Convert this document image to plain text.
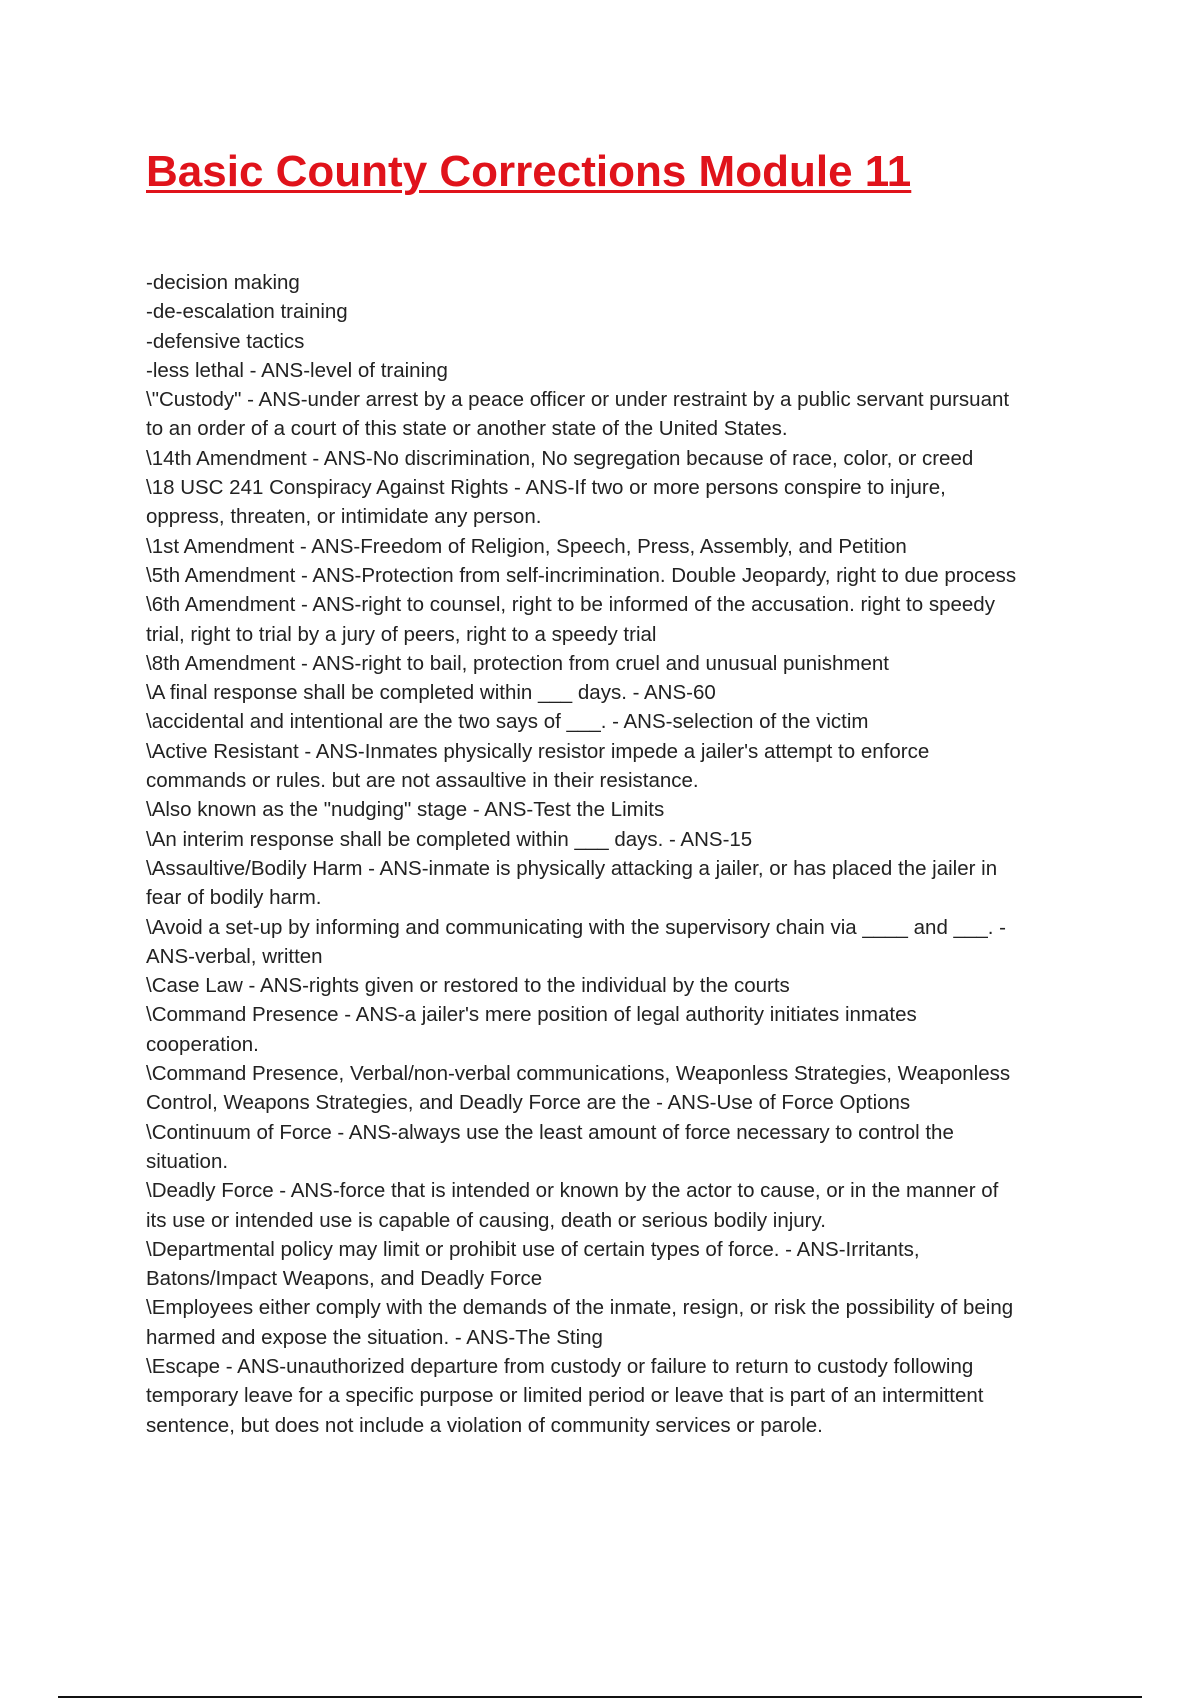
Basic County Corrections Module 11
-decision making
-de-escalation training
-defensive tactics
-less lethal - ANS-level of training
\"Custody" - ANS-under arrest by a peace officer or under restraint by a public servant pursuant
to an order of a court of this state or another state of the United States.
\14th Amendment - ANS-No discrimination, No segregation because of race, color, or creed
\18 USC 241 Conspiracy Against Rights - ANS-If two or more persons conspire to injure,
oppress, threaten, or intimidate any person.
\1st Amendment - ANS-Freedom of Religion, Speech, Press, Assembly, and Petition
\5th Amendment - ANS-Protection from self-incrimination. Double Jeopardy, right to due process
\6th Amendment - ANS-right to counsel, right to be informed of the accusation. right to speedy
trial, right to trial by a jury of peers, right to a speedy trial
\8th Amendment - ANS-right to bail, protection from cruel and unusual punishment
\A final response shall be completed within ___ days. - ANS-60
\accidental and intentional are the two says of ___. - ANS-selection of the victim
\Active Resistant - ANS-Inmates physically resistor impede a jailer's attempt to enforce
commands or rules. but are not assaultive in their resistance.
\Also known as the "nudging" stage - ANS-Test the Limits
\An interim response shall be completed within ___ days. - ANS-15
\Assaultive/Bodily Harm - ANS-inmate is physically attacking a jailer, or has placed the jailer in
fear of bodily harm.
\Avoid a set-up by informing and communicating with the supervisory chain via ____ and ___. -
ANS-verbal, written
\Case Law - ANS-rights given or restored to the individual by the courts
\Command Presence - ANS-a jailer's mere position of legal authority initiates inmates
cooperation.
\Command Presence, Verbal/non-verbal communications, Weaponless Strategies, Weaponless
Control, Weapons Strategies, and Deadly Force are the - ANS-Use of Force Options
\Continuum of Force - ANS-always use the least amount of force necessary to control the
situation.
\Deadly Force - ANS-force that is intended or known by the actor to cause, or in the manner of
its use or intended use is capable of causing, death or serious bodily injury.
\Departmental policy may limit or prohibit use of certain types of force. - ANS-Irritants,
Batons/Impact Weapons, and Deadly Force
\Employees either comply with the demands of the inmate, resign, or risk the possibility of being
harmed and expose the situation. - ANS-The Sting
\Escape - ANS-unauthorized departure from custody or failure to return to custody following
temporary leave for a specific purpose or limited period or leave that is part of an intermittent
sentence, but does not include a violation of community services or parole.
